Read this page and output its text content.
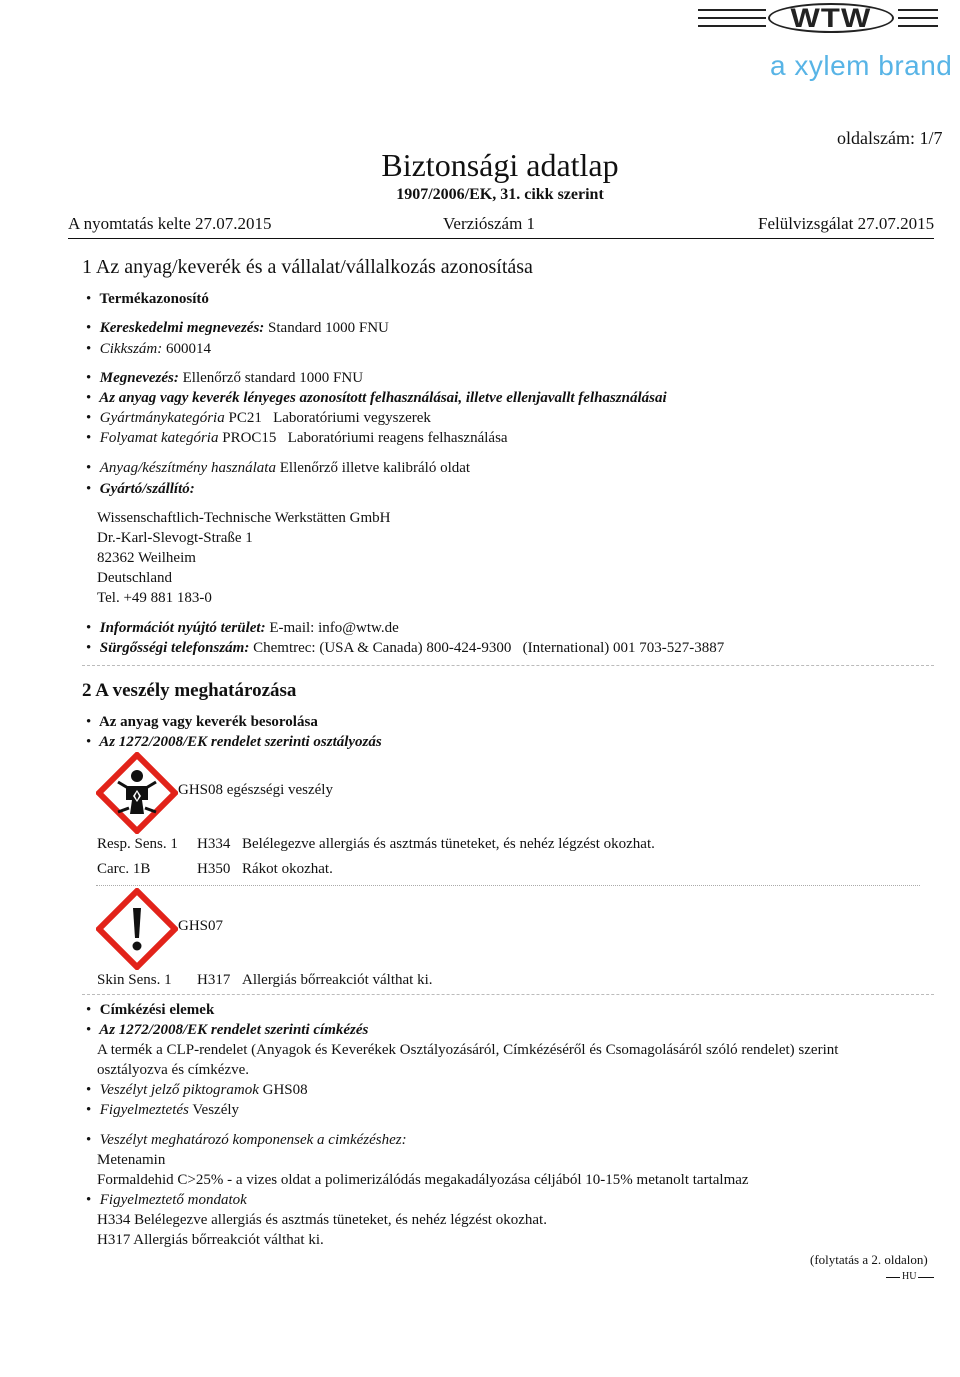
WTW
a xylem brand
oldalszám: 1/7
Biztonsági adatlap
1907/2006/EK, 31. cikk szerint
A nyomtatás kelte 27.07.2015	Verziószám 1	Felülvizsgálat 27.07.2015
1 Az anyag/keverék és a vállalat/vállalkozás azonosítása
• Termékazonosító
• Kereskedelmi megnevezés: Standard 1000 FNU
• Cikkszám: 600014
• Megnevezés: Ellenőrző standard 1000 FNU
• Az anyag vagy keverék lényeges azonosított felhasználásai, illetve ellenjavallt felhasználásai
• Gyártmánykategória PC21   Laboratóriumi vegyszerek
• Folyamat kategória PROC15   Laboratóriumi reagens felhasználása
• Anyag/készítmény használata Ellenőrző illetve kalibráló oldat
• Gyártó/szállító:
Wissenschaftlich-Technische Werkstätten GmbH
Dr.-Karl-Slevogt-Straße 1
82362 Weilheim
Deutschland
Tel. +49 881 183-0
• Információt nyújtó terület: E-mail: info@wtw.de
• Sürgősségi telefonszám: Chemtrec: (USA & Canada) 800-424-9300   (International) 001 703-527-3887
2 A veszély meghatározása
• Az anyag vagy keverék besorolása
• Az 1272/2008/EK rendelet szerinti osztályozás
GHS08 egészségi veszély
Resp. Sens. 1 H334 Belélegezve allergiás és asztmás tüneteket, és nehéz légzést okozhat.
Carc. 1B	H350 Rákot okozhat.
GHS07
Skin Sens. 1 H317 Allergiás bőrreakciót válthat ki.
• Címkézési elemek
• Az 1272/2008/EK rendelet szerinti címkézés
A termék a CLP-rendelet (Anyagok és Keverékek Osztályozásáról, Címkézéséről és Csomagolásáról szóló rendelet) szerint
osztályozva és címkézve.
• Veszélyt jelző piktogramok GHS08
• Figyelmeztetés Veszély
• Veszélyt meghatározó komponensek a cimkézéshez:
Metenamin
Formaldehid C>25% - a vizes oldat a polimerizálódás megakadályozása céljából 10-15% metanolt tartalmaz
• Figyelmeztető mondatok
H334 Belélegezve allergiás és asztmás tüneteket, és nehéz légzést okozhat.
H317 Allergiás bőrreakciót válthat ki.
(folytatás a 2. oldalon)
HU
